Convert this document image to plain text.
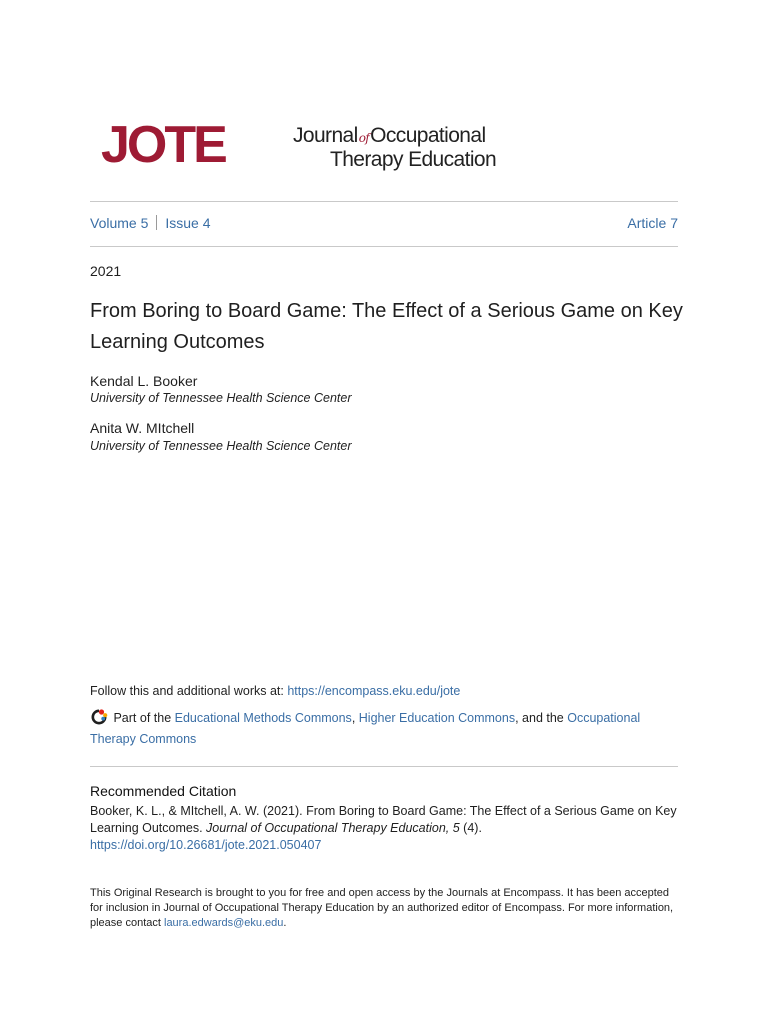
JOTE	JournalofOccupational
Therapy Education
Volume 5 Issue 4	Article 7
2021
From Boring to Board Game: The Effect of a Serious Game on Key Learning Outcomes
Kendal L. Booker
University of Tennessee Health Science Center
Anita W. MItchell
University of Tennessee Health Science Center
Follow this and additional works at: https://encompass.eku.edu/jote
Part of the Educational Methods Commons, Higher Education Commons, and the Occupational Therapy Commons
Recommended Citation
Booker, K. L., & MItchell, A. W. (2021). From Boring to Board Game: The Effect of a Serious Game on Key Learning Outcomes. Journal of Occupational Therapy Education, 5 (4). https://doi.org/10.26681/jote.2021.050407
This Original Research is brought to you for free and open access by the Journals at Encompass. It has been accepted for inclusion in Journal of Occupational Therapy Education by an authorized editor of Encompass. For more information, please contact laura.edwards@eku.edu.
